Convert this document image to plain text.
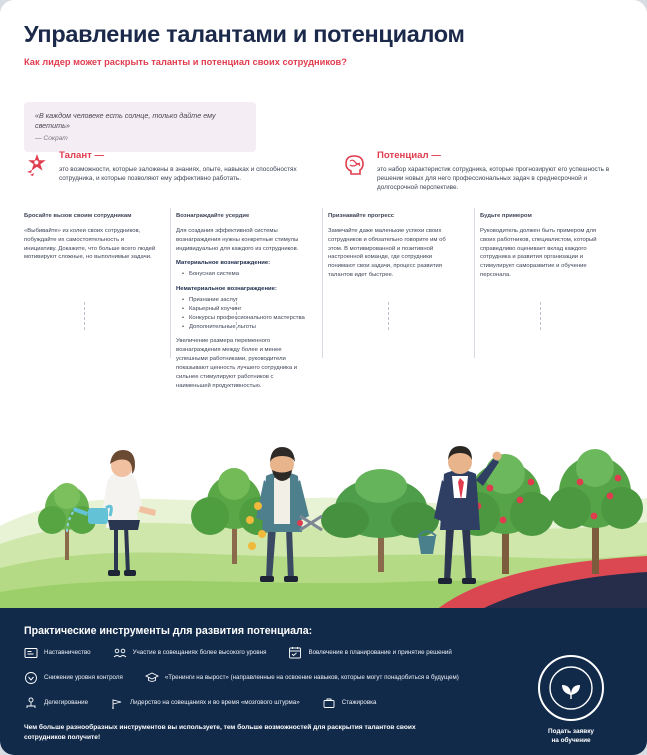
Управление талантами и потенциалом

Как лидер может раскрыть таланты и потенциал своих сотрудников?

«В каждом человеке есть солнце, только дайте ему светить»

— Сократ

Талант —

это возможности, которые заложены в знаниях, опыте, навыках и способностях сотрудника, и которые позволяют ему эффективно работать.

Потенциал —

это набор характеристик сотрудника, которые прогнозируют его успешность в решении новых для него профессиональных задач в среднесрочной и долгосрочной перспективе.

Бросайте вызов своим сотрудникам

«Выбивайте» из колеи своих сотрудников, побуждайте их самостоятельность и инициативу. Докажите, что больше всего людей мотивируют сложные, но выполнимые задачи.

Вознаграждайте усердие

Для создания эффективной системы вознаграждения нужны конкретные стимулы индивидуально для каждого из сотрудников.

Материальное вознаграждение:

• Бонусная система

Нематериальное вознаграждение:

• Признание заслуг
• Карьерный коучинг
• Конкурсы профессионального мастерства
• Дополнительные льготы

Увеличение размера переменного вознаграждения между более и менее успешными работниками, руководители показывают ценность лучшего сотрудника и сильнее стимулируют работников с наименьшей продуктивностью.

Признавайте прогресс

Замечайте даже маленькие успехи своих сотрудников и обязательно говорите им об этом. В мотивированной и позитивной настроенной команде, где сотрудники понимают свои задачи, процесс развития талантов идет быстрее.

Будьте примером

Руководитель должен быть примером для своих работников, специалистом, который справедливо оценивает вклад каждого сотрудника и развития организации и стимулирует саморазвитие и обучение персонала.

Практические инструменты для развития потенциала:
Наставничество	Участие в совещаниях более высокого уровня	Вовлечение в планирование и принятие решений
Снижение уровня контроля	«Тренинги на вырост» (направленные на освоение навыков, которые могут понадобиться в будущем)
Делегирование	Лидерство на совещаниях и во время «мозгового штурма»	Стажировка
Чем больше разнообразных инструментов вы используете, тем больше возможностей для раскрытия талантов своих сотрудников получите!
Подать заявку
на обучение
